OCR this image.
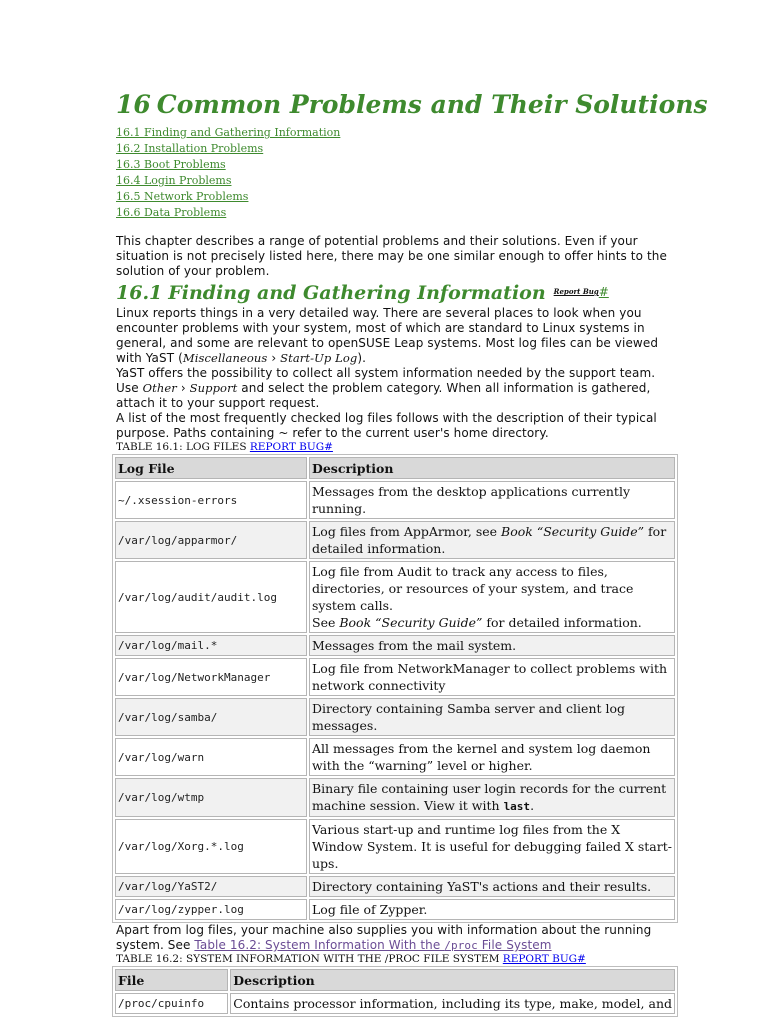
16 Common Problems and Their Solutions
16.1 Finding and Gathering Information
16.2 Installation Problems
16.3 Boot Problems
16.4 Login Problems
16.5 Network Problems
16.6 Data Problems

This chapter describes a range of potential problems and their solutions. Even if your situation is not precisely listed here, there may be one similar enough to offer hints to the solution of your problem.

16.1 Finding and Gathering Information $^{Report Bug}$#

Linux reports things in a very detailed way. There are several places to look when you encounter problems with your system, most of which are standard to Linux systems in general, and some are relevant to openSUSE Leap systems. Most log files can be viewed with YaST (Miscellaneous › Start-Up Log).

YaST offers the possibility to collect all system information needed by the support team. Use Other › Support and select the problem category. When all information is gathered, attach it to your support request.

A list of the most frequently checked log files follows with the description of their typical purpose. Paths containing ~ refer to the current user's home directory.

TABLE 16.1: LOG FILES REPORT BUG#

Log File	Description
~/.xsession-errors	Messages from the desktop applications currently running.
/var/log/apparmor/	Log files from AppArmor, see Book “Security Guide” for detailed information.
/var/log/audit/audit.log	Log file from Audit to track any access to files, directories, or resources of your system, and trace system calls.
See Book “Security Guide” for detailed information.
/var/log/mail.*	Messages from the mail system.
/var/log/NetworkManager	Log file from NetworkManager to collect problems with network connectivity
/var/log/samba/	Directory containing Samba server and client log messages.
/var/log/warn	All messages from the kernel and system log daemon with the “warning” level or higher.
/var/log/wtmp	Binary file containing user login records for the current machine session. View it with last.
/var/log/Xorg.*.log	Various start-up and runtime log files from the X Window System. It is useful for debugging failed X start-ups.
/var/log/YaST2/	Directory containing YaST's actions and their results.
/var/log/zypper.log	Log file of Zypper.

Apart from log files, your machine also supplies you with information about the running system. See Table 16.2: System Information With the /proc File System

TABLE 16.2: SYSTEM INFORMATION WITH THE /PROC FILE SYSTEM REPORT BUG#

File	Description
/proc/cpuinfo	Contains processor information, including its type, make, model, and
